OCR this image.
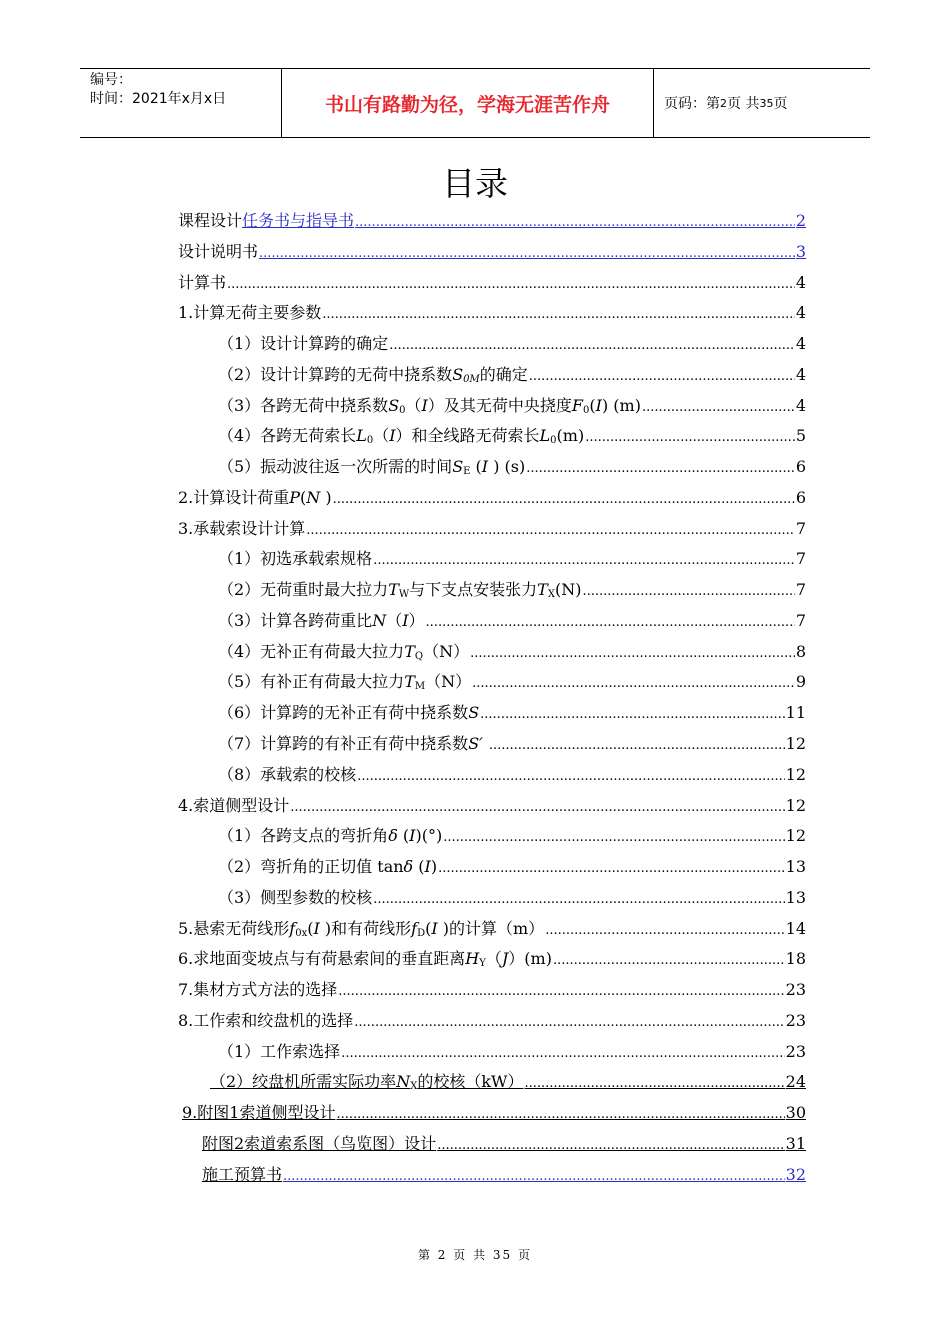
编号：
时间：2021年x月x日	书山有路勤为径，学海无涯苦作舟	页码：第 2 页 共 35 页
目录
课程设计任务书与指导书 .....	2
设计说明书 .....	3
计算书 .....	4
1.计算无荷主要参数 .....	4
（1）设计计算跨的确定 .....	4
（2）设计计算跨的无荷中挠系数$S_{0M}$的确定 .....	4
（3）各跨无荷中挠系数$S_0(I)$及其无荷中央挠度$F_0(I)$ (m) .....	4
（4）各跨无荷索长$L_0(I)$和全线路无荷索长$L_0(m)$ .....	5
（5）振动波往返一次所需的时间$S_E$ (I ) (s) .....	6
2.计算设计荷重P(N ) .....	6
3.承载索设计计算 .....	7
（1）初选承载索规格 .....	7
（2）无荷重时最大拉力$T_W$与下支点安装张力$T_X(N)$ .....	7
（3）计算各跨荷重比N（I） .....	7
（4）无补正有荷最大拉力$T_Q(N)$ .....	8
（5）有补正有荷最大拉力$T_M(N)$ .....	9
（6）计算跨的无补正有荷中挠系数S .....	11
（7）计算跨的有补正有荷中挠系数S′ .....	12
（8）承载索的校核 .....	12
4.索道侧型设计 .....	12
（1）各跨支点的弯折角δ (I)(°) .....	12
（2）弯折角的正切值 tanδ (I) .....	13
（3）侧型参数的校核 .....	13
5.悬索无荷线形$f_{0x}(I$ )和有荷线形$f_D(I$ )的计算（m） .....	14
6.求地面变坡点与有荷悬索间的垂直距离$H_Y(J)(m)$ .....	18
7.集材方式方法的选择 .....	23
8.工作索和绞盘机的选择 .....	23
（1）工作索选择 .....	23
（2）绞盘机所需实际功率$N_X$的校核（kW） .....	24
9.附图1索道侧型设计 .....	30
附图2索道索系图（鸟览图）设计 .....	31
施工预算书 .....	32
第 2 页 共 35 页
